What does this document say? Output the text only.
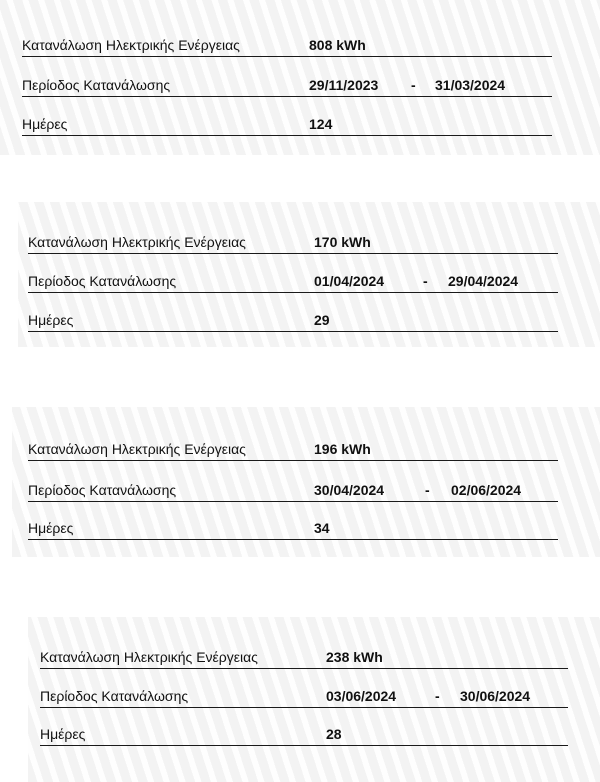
Κατανάλωση Ηλεκτρικής Ενέργειας	808 kWh
Περίοδος Κατανάλωσης	29/11/2023 - 31/03/2024
Ημέρες	124
Κατανάλωση Ηλεκτρικής Ενέργειας	170 kWh
Περίοδος Κατανάλωσης	01/04/2024	- 29/04/2024
Ημέρες	29
Κατανάλωση Ηλεκτρικής Ενέργειας	196 kWh
Περίοδος Κατανάλωσης	30/04/2024	- 02/06/2024
Ημέρες	34
Κατανάλωση Ηλεκτρικής Ενέργειας	238 kWh
Περίοδος Κατανάλωσης	03/06/2024	- 30/06/2024
Ημέρες	28
